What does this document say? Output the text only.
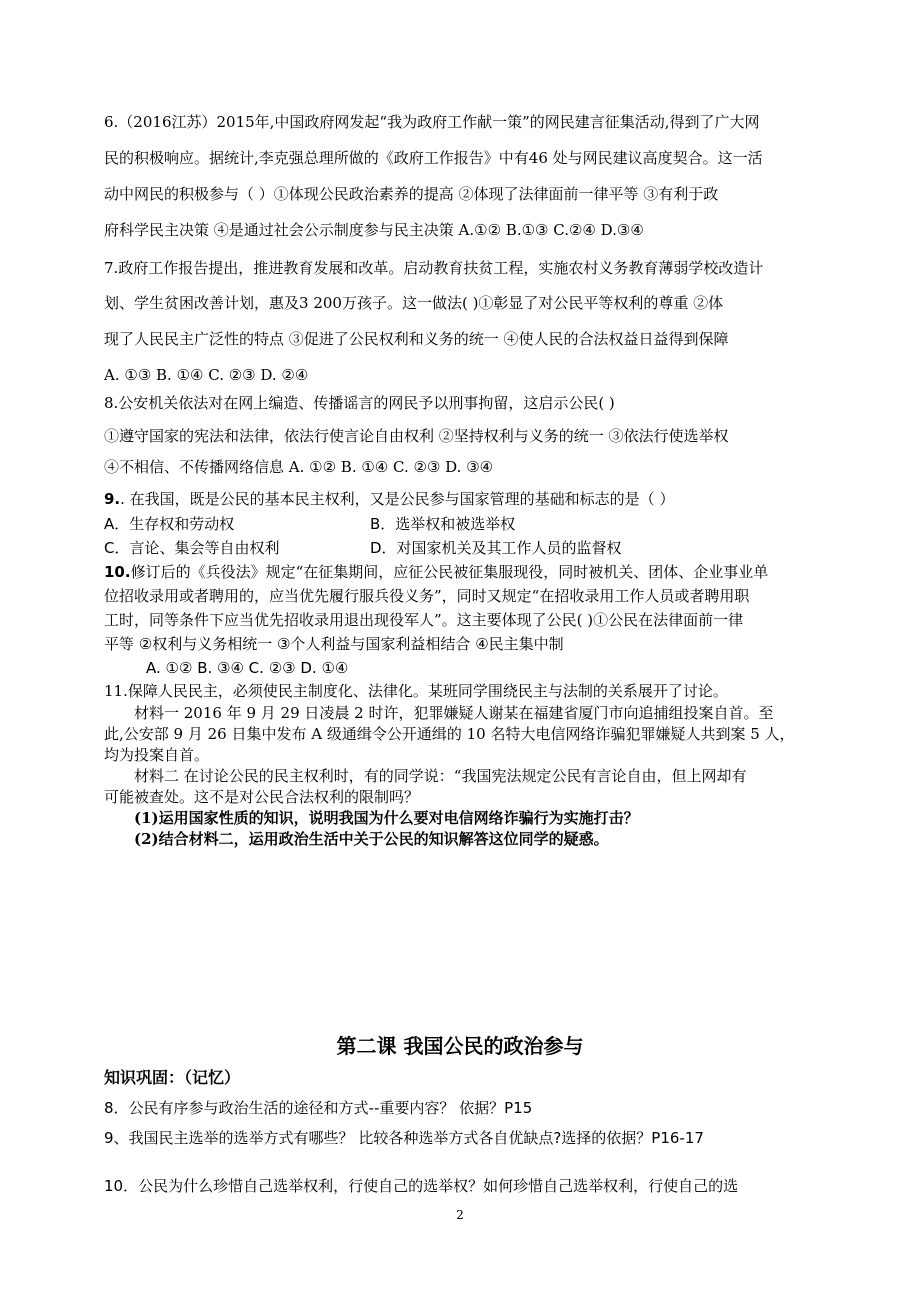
6.（2016江苏）2015年,中国政府网发起“我为政府工作献一策”的网民建言征集活动,得到了广大网
民的积极响应。据统计,李克强总理所做的《政府工作报告》中有46 处与网民建议高度契合。这一活
动中网民的积极参与（ ）①体现公民政治素养的提高 ②体现了法律面前一律平等 ③有利于政
府科学民主决策 ④是通过社会公示制度参与民主决策 A.①② B.①③ C.②④ D.③④
7.政府工作报告提出，推进教育发展和改革。启动教育扶贫工程，实施农村义务教育薄弱学校改造计
划、学生贫困改善计划，惠及3 200万孩子。这一做法( )①彰显了对公民平等权利的尊重 ②体
现了人民民主广泛性的特点 ③促进了公民权利和义务的统一 ④使人民的合法权益日益得到保障
A. ①③ B. ①④ C. ②③ D. ②④
8.公安机关依法对在网上编造、传播谣言的网民予以刑事拘留，这启示公民( )
①遵守国家的宪法和法律，依法行使言论自由权利 ②坚持权利与义务的统一 ③依法行使选举权
④不相信、不传播网络信息 A. ①② B. ①④ C. ②③ D. ③④
9.. 在我国，既是公民的基本民主权利，又是公民参与国家管理的基础和标志的是（ ）
A．生存权和劳动权	B．选举权和被选举权
C．言论、集会等自由权利	D．对国家机关及其工作人员的监督权
10.修订后的《兵役法》规定“在征集期间，应征公民被征集服现役，同时被机关、团体、企业事业单
位招收录用或者聘用的，应当优先履行服兵役义务”，同时又规定“在招收录用工作人员或者聘用职
工时，同等条件下应当优先招收录用退出现役军人”。这主要体现了公民( )①公民在法律面前一律
平等 ②权利与义务相统一 ③个人利益与国家利益相结合 ④民主集中制
A. ①② B. ③④ C. ②③ D. ①④
11.保障人民民主，必须使民主制度化、法律化。某班同学围绕民主与法制的关系展开了讨论。
材料一 2016 年 9 月 29 日凌晨 2 时许，犯罪嫌疑人谢某在福建省厦门市向追捕组投案自首。至
此,公安部 9 月 26 日集中发布 A 级通缉令公开通缉的 10 名特大电信网络诈骗犯罪嫌疑人共到案 5 人，
均为投案自首。
材料二 在讨论公民的民主权利时，有的同学说：“我国宪法规定公民有言论自由，但上网却有
可能被查处。这不是对公民合法权利的限制吗？
(1)运用国家性质的知识，说明我国为什么要对电信网络诈骗行为实施打击？
(2)结合材料二，运用政治生活中关于公民的知识解答这位同学的疑惑。
第二课 我国公民的政治参与
知识巩固：（记忆）
8．公民有序参与政治生活的途径和方式--重要内容？ 依据？P15
9、我国民主选举的选举方式有哪些？ 比较各种选举方式各自优缺点?选择的依据？P16-17
10．公民为什么珍惜自己选举权利，行使自己的选举权？如何珍惜自己选举权利，行使自己的选
2
